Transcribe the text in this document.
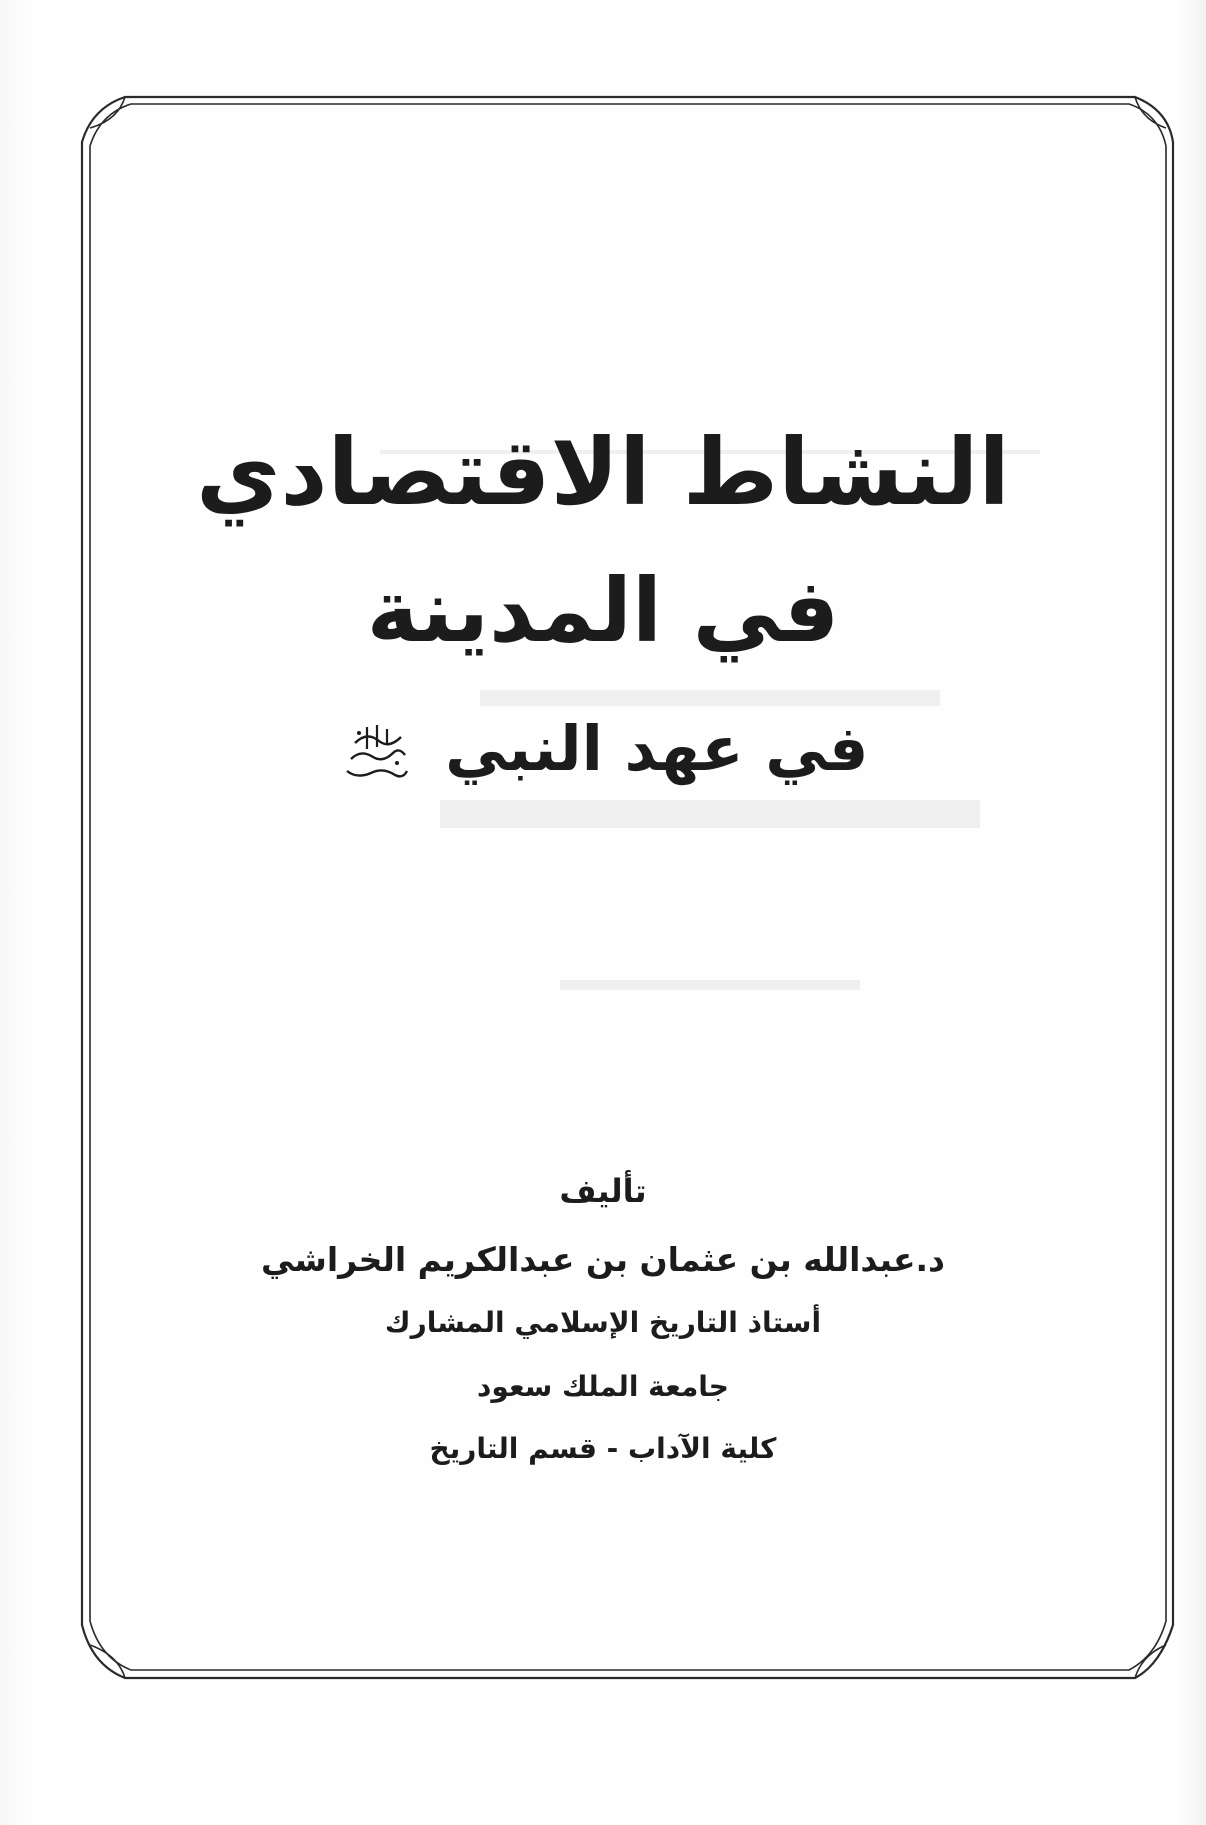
النشاط الاقتصادي
في المدينة
في عهد النبي
تأليف
د.عبدالله بن عثمان بن عبدالكريم الخراشي
أستاذ التاريخ الإسلامي المشارك
جامعة الملك سعود
كلية الآداب - قسم التاريخ
